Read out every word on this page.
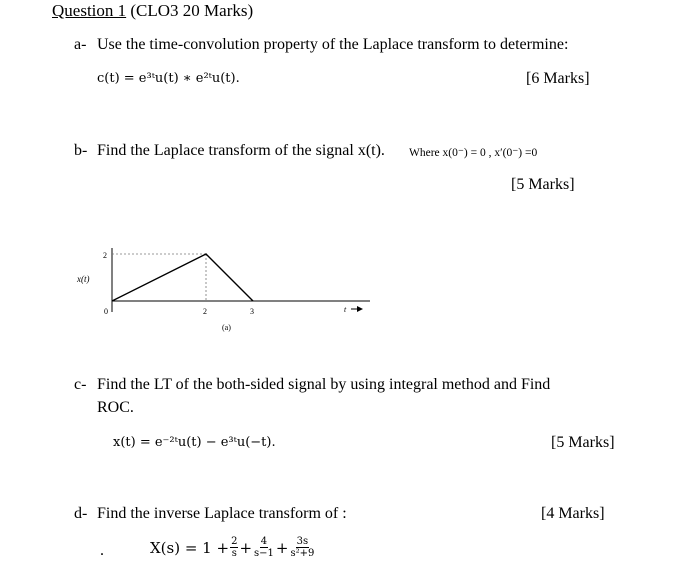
Question 1 (CLO3 20 Marks)
a- Use the time-convolution property of the Laplace transform to determine:
c(t) = e³ᵗu(t) ∗ e²ᵗu(t).	[6 Marks]
b- Find the Laplace transform of the signal x(t). Where x(0⁻) = 0 , x′(0⁻) =0
[5 Marks]
x(t)
2
0	2	3	t
(a)
c- Find the LT of the both-sided signal by using integral method and Find
ROC.
x(t) = e⁻²ᵗu(t) − e³ᵗu(−t).	[5 Marks]
d- Find the inverse Laplace transform of :	[4 Marks]
.	$X(s) = 1 + \frac{2}{s} + \frac{4}{s-1} + \frac{3s}{\text{s²+9}}$
